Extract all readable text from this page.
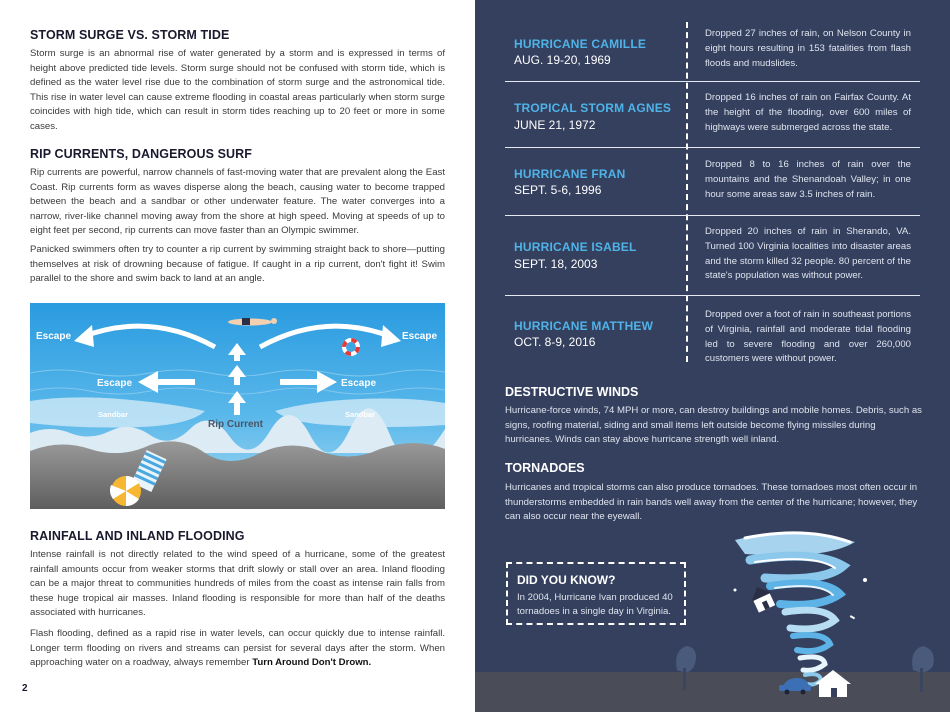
STORM SURGE VS. STORM TIDE

Storm surge is an abnormal rise of water generated by a storm and is expressed in terms of height above predicted tide levels. Storm surge should not be confused with storm tide, which is defined as the water level rise due to the combination of storm surge and the astronomical tide. This rise in water level can cause extreme flooding in coastal areas particularly when storm surge coincides with high tide, which can result in storm tides reaching up to 20 feet or more in some cases.

RIP CURRENTS, DANGEROUS SURF

Rip currents are powerful, narrow channels of fast-moving water that are prevalent along the East Coast. Rip currents form as waves disperse along the beach, causing water to become trapped between the beach and a sandbar or other underwater feature. The water converges into a narrow, river-like channel moving away from the shore at high speed. Moving at speeds of up to eight feet per second, rip currents can move faster than an Olympic swimmer.

Panicked swimmers often try to counter a rip current by swimming straight back to shore—putting themselves at risk of drowning because of fatigue. If caught in a rip current, don't fight it! Swim parallel to the shore and swim back to land at an angle.

Escape	Escape
Escape	Escape
Sandbar	Sandbar
Rip Current
RAINFALL AND INLAND FLOODING

Intense rainfall is not directly related to the wind speed of a hurricane, some of the greatest rainfall amounts occur from weaker storms that drift slowly or stall over an area. Inland flooding can be a major threat to communities hundreds of miles from the coast as intense rain falls from these huge tropical air masses. Inland flooding is responsible for more than half of the deaths associated with hurricanes.

Flash flooding, defined as a rapid rise in water levels, can occur quickly due to intense rainfall. Longer term flooding on rivers and streams can persist for several days after the storm. When approaching water on a roadway, always remember Turn Around Don't Drown.

2
HURRICANE CAMILLE
AUG. 19-20, 1969
Dropped 27 inches of rain, on Nelson County in eight hours resulting in 153 fatalities from flash floods and mudslides.
TROPICAL STORM AGNES
JUNE 21, 1972
Dropped 16 inches of rain on Fairfax County. At the height of the flooding, over 600 miles of highways were submerged across the state.
HURRICANE FRAN
SEPT. 5-6, 1996
Dropped 8 to 16 inches of rain over the mountains and the Shenandoah Valley; in one hour some areas saw 3.5 inches of rain.
HURRICANE ISABEL
SEPT. 18, 2003
Dropped 20 inches of rain in Sherando, VA. Turned 100 Virginia localities into disaster areas and the storm killed 32 people. 80 percent of the state's population was without power.
HURRICANE MATTHEW
OCT. 8-9, 2016
Dropped over a foot of rain in southeast portions of Virginia, rainfall and moderate tidal flooding led to severe flooding and over 260,000 customers were without power.
DESTRUCTIVE WINDS

Hurricane-force winds, 74 MPH or more, can destroy buildings and mobile homes. Debris, such as signs, roofing material, siding and small items left outside become flying missiles during hurricanes. Winds can stay above hurricane strength well inland.

TORNADOES

Hurricanes and tropical storms can also produce tornadoes. These tornadoes most often occur in thunderstorms embedded in rain bands well away from the center of the hurricane; however, they can also occur near the eyewall.

DID YOU KNOW?
In 2004, Hurricane Ivan produced 40 tornadoes in a single day in Virginia.
